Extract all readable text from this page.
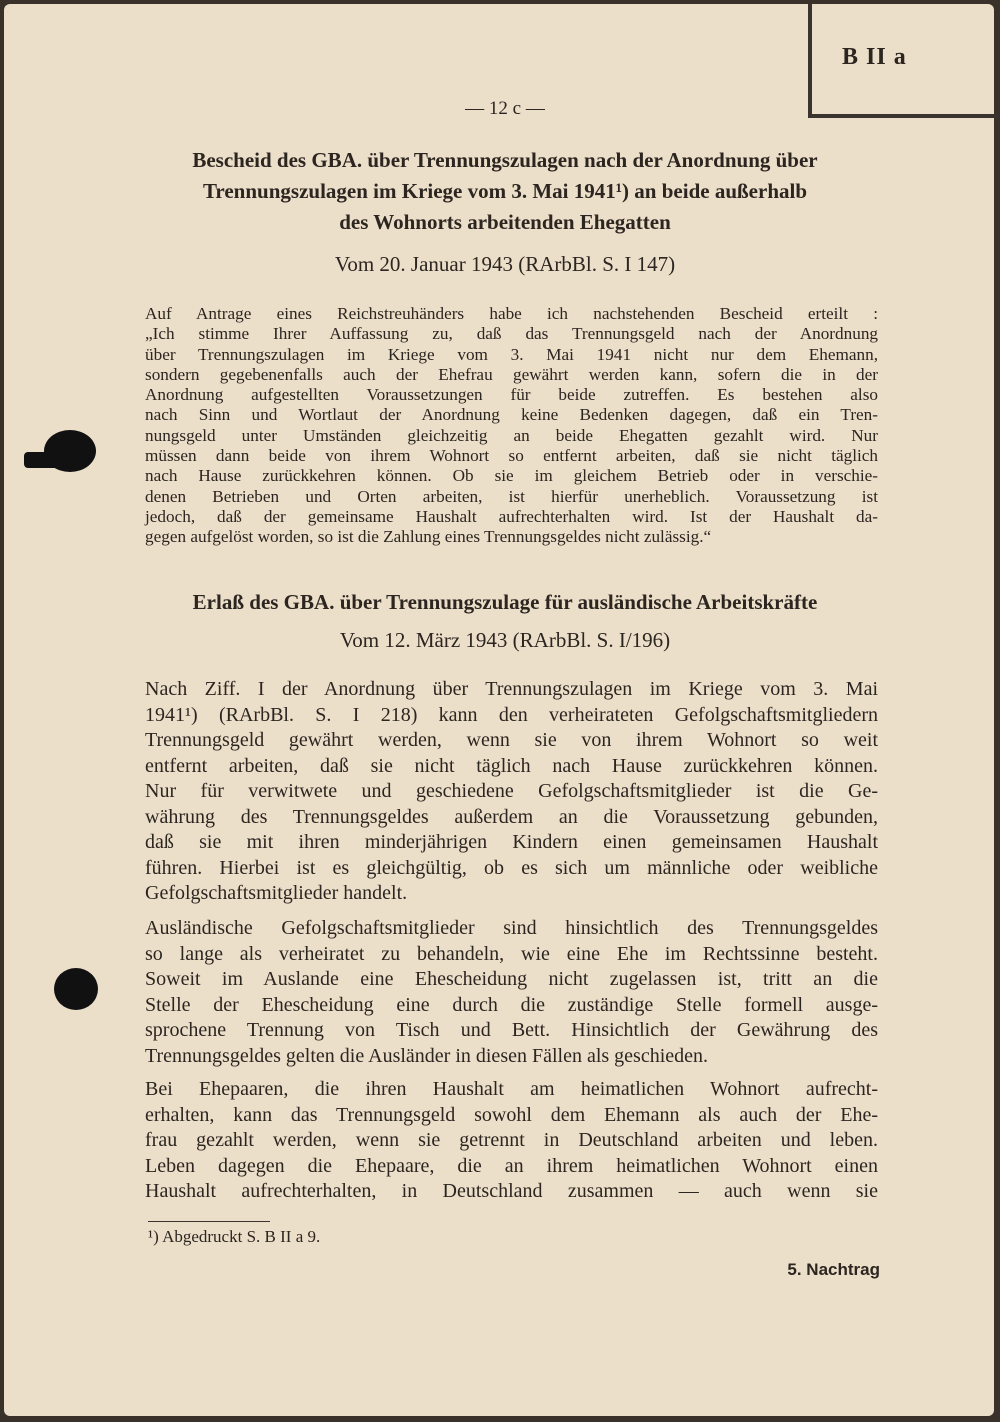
B II a
— 12 c —
Bescheid des GBA. über Trennungszulagen nach der Anordnung über
Trennungszulagen im Kriege vom 3. Mai 1941¹) an beide außerhalb
des Wohnorts arbeitenden Ehegatten
Vom 20. Januar 1943 (RArbBl. S. I 147)
Auf Antrage eines Reichstreuhänders habe ich nachstehenden Bescheid erteilt :
„Ich stimme Ihrer Auffassung zu, daß das Trennungsgeld nach der Anordnung
über Trennungszulagen im Kriege vom 3. Mai 1941 nicht nur dem Ehemann,
sondern gegebenenfalls auch der Ehefrau gewährt werden kann, sofern die in der
Anordnung aufgestellten Voraussetzungen für beide zutreffen. Es bestehen also
nach Sinn und Wortlaut der Anordnung keine Bedenken dagegen, daß ein Tren-
nungsgeld unter Umständen gleichzeitig an beide Ehegatten gezahlt wird. Nur
müssen dann beide von ihrem Wohnort so entfernt arbeiten, daß sie nicht täglich
nach Hause zurückkehren können. Ob sie im gleichem Betrieb oder in verschie-
denen Betrieben und Orten arbeiten, ist hierfür unerheblich. Voraussetzung ist
jedoch, daß der gemeinsame Haushalt aufrechterhalten wird. Ist der Haushalt da-
gegen aufgelöst worden, so ist die Zahlung eines Trennungsgeldes nicht zulässig.“
Erlaß des GBA. über Trennungszulage für ausländische Arbeitskräfte
Vom 12. März 1943 (RArbBl. S. I/196)
Nach Ziff. I der Anordnung über Trennungszulagen im Kriege vom 3. Mai
1941¹) (RArbBl. S. I 218) kann den verheirateten Gefolgschaftsmitgliedern
Trennungsgeld gewährt werden, wenn sie von ihrem Wohnort so weit
entfernt arbeiten, daß sie nicht täglich nach Hause zurückkehren können.
Nur für verwitwete und geschiedene Gefolgschaftsmitglieder ist die Ge-
währung des Trennungsgeldes außerdem an die Voraussetzung gebunden,
daß sie mit ihren minderjährigen Kindern einen gemeinsamen Haushalt
führen. Hierbei ist es gleichgültig, ob es sich um männliche oder weibliche
Gefolgschaftsmitglieder handelt.
Ausländische Gefolgschaftsmitglieder sind hinsichtlich des Trennungsgeldes
so lange als verheiratet zu behandeln, wie eine Ehe im Rechtssinne besteht.
Soweit im Auslande eine Ehescheidung nicht zugelassen ist, tritt an die
Stelle der Ehescheidung eine durch die zuständige Stelle formell ausge-
sprochene Trennung von Tisch und Bett. Hinsichtlich der Gewährung des
Trennungsgeldes gelten die Ausländer in diesen Fällen als geschieden.
Bei Ehepaaren, die ihren Haushalt am heimatlichen Wohnort aufrecht-
erhalten, kann das Trennungsgeld sowohl dem Ehemann als auch der Ehe-
frau gezahlt werden, wenn sie getrennt in Deutschland arbeiten und leben.
Leben dagegen die Ehepaare, die an ihrem heimatlichen Wohnort einen
Haushalt aufrechterhalten, in Deutschland zusammen — auch wenn sie
¹) Abgedruckt S. B II a 9.
5. Nachtrag
